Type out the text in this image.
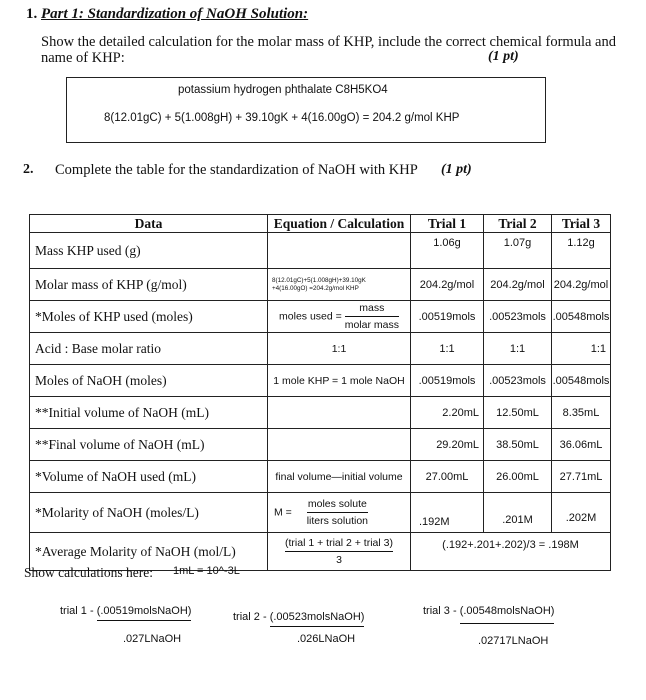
1. Part 1: Standardization of NaOH Solution:
Show the detailed calculation for the molar mass of KHP, include the correct chemical formula and name of KHP:	(1 pt)
potassium hydrogen phthalate C8H5KO4
8(12.01gC) + 5(1.008gH) + 39.10gK + 4(16.00gO) = 204.2 g/mol KHP
2. Complete the table for the standardization of NaOH with KHP (1 pt)
Data	Equation / Calculation	Trial 1	Trial 2	Trial 3
Mass KHP used (g)		1.06g	1.07g	1.12g
Molar mass of KHP (g/mol)	8(12.01gC)+5(1.008gH)+39.10gK
+4(16.00gO) =204.2g/mol KHP	204.2g/mol	204.2g/mol	204.2g/mol
*Moles of KHP used (moles)	moles used = $\frac{\text{mass}}{\text{molar mass}}$	.00519mols	.00523mols	.00548mols
Acid : Base molar ratio	1:1	1:1	1:1	1:1
Moles of NaOH (moles)	1 mole KHP = 1 mole NaOH	.00519mols	.00523mols	.00548mols
**Initial volume of NaOH (mL)		2.20mL	12.50mL	8.35mL
**Final volume of NaOH (mL)		29.20mL	38.50mL	36.06mL
*Volume of NaOH used (mL)	final volume—initial volume	27.00mL	26.00mL	27.71mL
*Molarity of NaOH (moles/L)	$M = \frac{\text{moles solute}}{\text{liters solution}}$	.192M	.201M	.202M
*Average Molarity of NaOH (mol/L)	$\frac{\text{(trial 1 + trial 2 + trial 3)}}{3}$	(.192+.201+.202)/3 = .198M		
Show calculations here: 1mL = 10^-3L
trial 1 - (.00519molsNaOH)
.027LNaOH
trial 2 - (.00523molsNaOH)
.026LNaOH
trial 3 - (.00548molsNaOH)
.02717LNaOH
